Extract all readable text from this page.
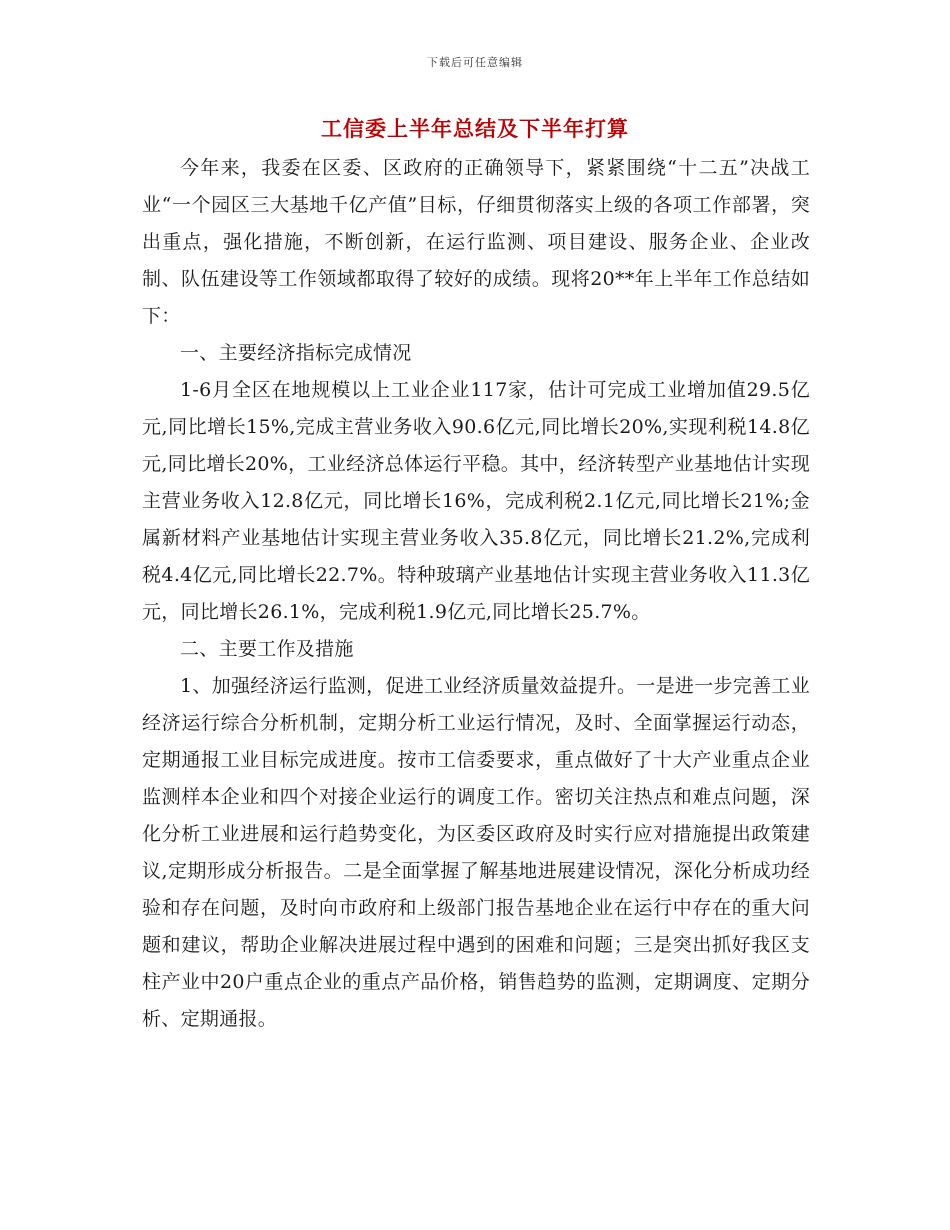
下载后可任意编辑
工信委上半年总结及下半年打算

今年来，我委在区委、区政府的正确领导下，紧紧围绕“十二五”决战工业“一个园区三大基地千亿产值”目标，仔细贯彻落实上级的各项工作部署，突出重点，强化措施，不断创新，在运行监测、项目建设、服务企业、企业改制、队伍建设等工作领域都取得了较好的成绩。现将20**年上半年工作总结如下：

一、主要经济指标完成情况

1-6月全区在地规模以上工业企业117家，估计可完成工业增加值29.5亿元,同比增长15%,完成主营业务收入90.6亿元,同比增长20%,实现利税14.8亿元,同比增长20%，工业经济总体运行平稳。其中，经济转型产业基地估计实现主营业务收入12.8亿元，同比增长16%，完成利税2.1亿元,同比增长21%;金属新材料产业基地估计实现主营业务收入35.8亿元，同比增长21.2%,完成利税4.4亿元,同比增长22.7%。特种玻璃产业基地估计实现主营业务收入11.3亿元，同比增长26.1%，完成利税1.9亿元,同比增长25.7%。

二、主要工作及措施

1、加强经济运行监测，促进工业经济质量效益提升。一是进一步完善工业经济运行综合分析机制，定期分析工业运行情况，及时、全面掌握运行动态，定期通报工业目标完成进度。按市工信委要求，重点做好了十大产业重点企业监测样本企业和四个对接企业运行的调度工作。密切关注热点和难点问题，深化分析工业进展和运行趋势变化，为区委区政府及时实行应对措施提出政策建议,定期形成分析报告。二是全面掌握了解基地进展建设情况，深化分析成功经验和存在问题，及时向市政府和上级部门报告基地企业在运行中存在的重大问题和建议，帮助企业解决进展过程中遇到的困难和问题；三是突出抓好我区支柱产业中20户重点企业的重点产品价格，销售趋势的监测，定期调度、定期分析、定期通报。
